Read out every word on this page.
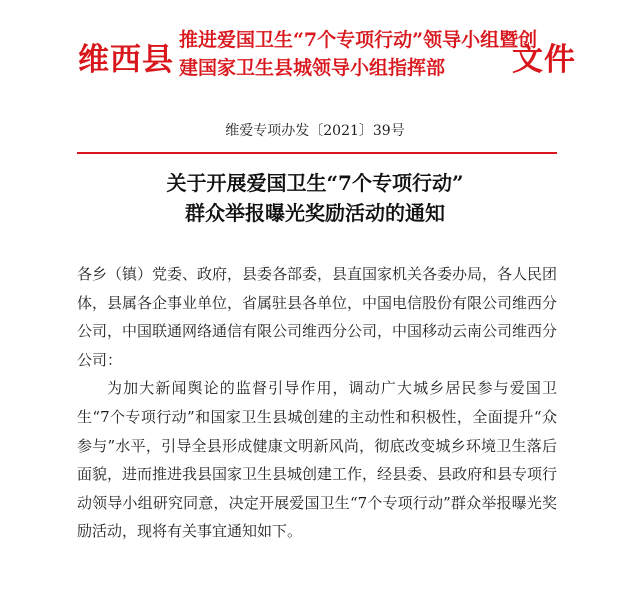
维西县
推进爱国卫生“7个专项行动”领导小组暨创
建国家卫生县城领导小组指挥部	文件
维爱专项办发〔2021〕39号
关于开展爱国卫生“7个专项行动”
群众举报曝光奖励活动的通知

各乡（镇）党委、政府，县委各部委，县直国家机关各委办局，各人民团体，县属各企事业单位，省属驻县各单位，中国电信股份有限公司维西分公司，中国联通网络通信有限公司维西分公司，中国移动云南公司维西分公司：

为加大新闻舆论的监督引导作用，调动广大城乡居民参与爱国卫生“7个专项行动”和国家卫生县城创建的主动性和积极性，全面提升“众参与”水平，引导全县形成健康文明新风尚，彻底改变城乡环境卫生落后面貌，进而推进我县国家卫生县城创建工作，经县委、县政府和县专项行动领导小组研究同意，决定开展爱国卫生“7个专项行动”群众举报曝光奖励活动，现将有关事宜通知如下。
